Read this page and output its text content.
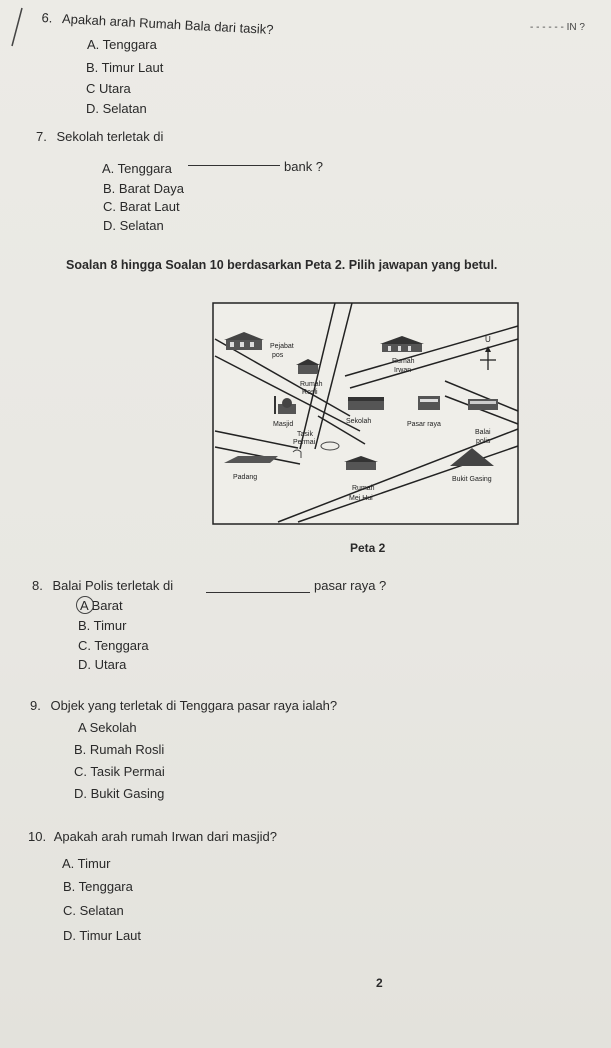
- - - - - - IN ?
6. Apakah arah Rumah Bala dari tasik?
A. Tenggara
B. Timur Laut
C Utara
D. Selatan
7. Sekolah terletak di
bank ?
A. Tenggara
B. Barat Daya
C. Barat Laut
D. Selatan
Soalan 8 hingga Soalan 10 berdasarkan Peta 2. Pilih jawapan yang betul.
Pejabat
pos
Rumah
Rosli
Masjid
Tasik
Permai
Padang
Rumah
Irwan
U
Sekolah	Pasar raya
Balai
polis
Bukit Gasing
Rumah
Mei Hui
Peta 2
8. Balai Polis terletak di	pasar raya ?
A Barat
B. Timur
C. Tenggara
D. Utara
9. Objek yang terletak di Tenggara pasar raya ialah?
A Sekolah
B. Rumah Rosli
C. Tasik Permai
D. Bukit Gasing
10. Apakah arah rumah Irwan dari masjid?
A. Timur
B. Tenggara
C. Selatan
D. Timur Laut
2
